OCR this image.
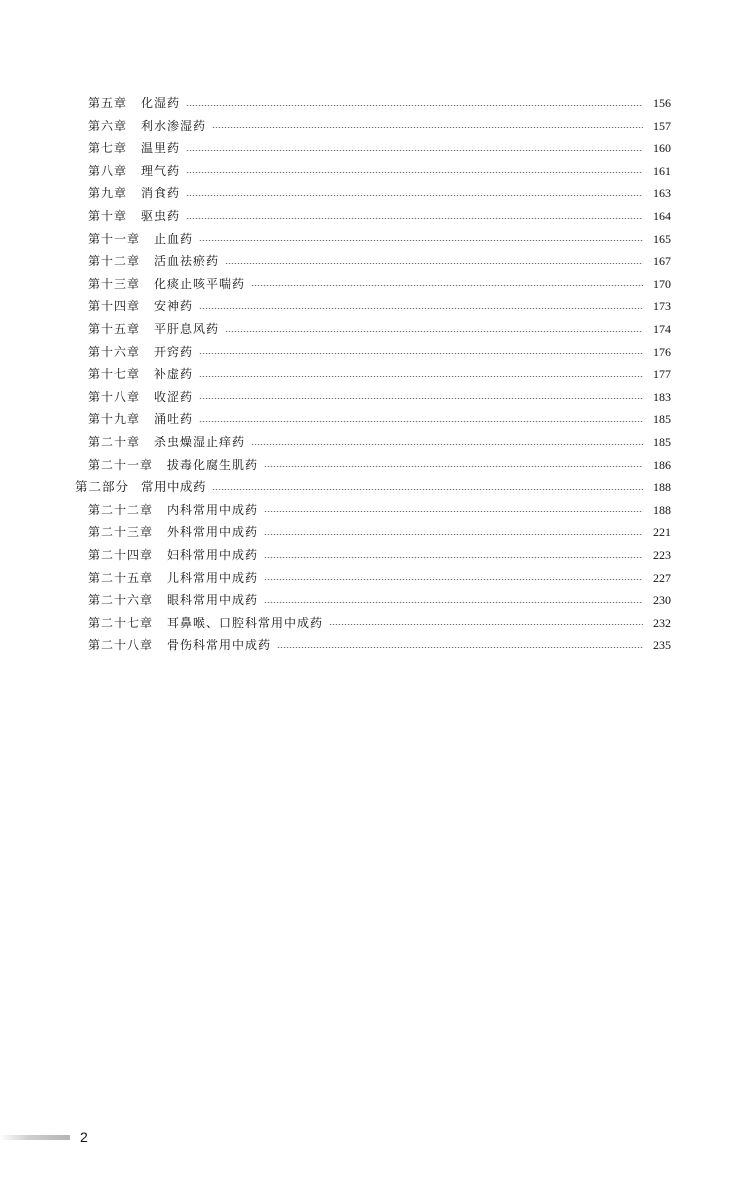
第五章 化湿药	156
第六章 利水渗湿药	157
第七章 温里药	160
第八章 理气药	161
第九章 消食药	163
第十章 驱虫药	164
第十一章 止血药	165
第十二章 活血祛瘀药	167
第十三章 化痰止咳平喘药	170
第十四章 安神药	173
第十五章 平肝息风药	174
第十六章 开窍药	176
第十七章 补虚药	177
第十八章 收涩药	183
第十九章 涌吐药	185
第二十章 杀虫燥湿止痒药	185
第二十一章 拔毒化腐生肌药	186
第二部分 常用中成药	188
第二十二章 内科常用中成药	188
第二十三章 外科常用中成药	221
第二十四章 妇科常用中成药	223
第二十五章 儿科常用中成药	227
第二十六章 眼科常用中成药	230
第二十七章 耳鼻喉、口腔科常用中成药	232
第二十八章 骨伤科常用中成药	235
2
